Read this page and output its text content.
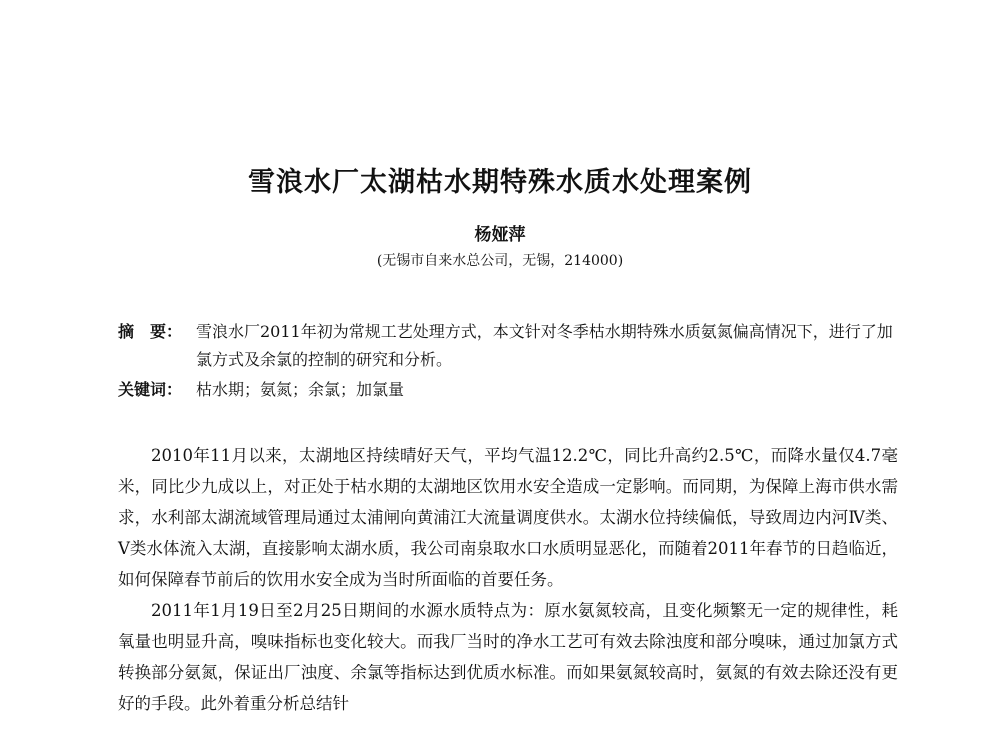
雪浪水厂太湖枯水期特殊水质水处理案例
杨娅萍
(无锡市自来水总公司，无锡，214000)
摘　要： 雪浪水厂2011年初为常规工艺处理方式，本文针对冬季枯水期特殊水质氨氮偏高情况下，进行了加氯方式及余氯的控制的研究和分析。
关键词： 枯水期；氨氮；余氯；加氯量

2010年11月以来，太湖地区持续晴好天气，平均气温12.2℃，同比升高约2.5℃，而降水量仅4.7毫米，同比少九成以上，对正处于枯水期的太湖地区饮用水安全造成一定影响。而同期，为保障上海市供水需求，水利部太湖流域管理局通过太浦闸向黄浦江大流量调度供水。太湖水位持续偏低，导致周边内河Ⅳ类、Ⅴ类水体流入太湖，直接影响太湖水质，我公司南泉取水口水质明显恶化，而随着2011年春节的日趋临近，如何保障春节前后的饮用水安全成为当时所面临的首要任务。

2011年1月19日至2月25日期间的水源水质特点为：原水氨氮较高，且变化频繁无一定的规律性，耗氧量也明显升高，嗅味指标也变化较大。而我厂当时的净水工艺可有效去除浊度和部分嗅味，通过加氯方式转换部分氨氮，保证出厂浊度、余氯等指标达到优质水标准。而如果氨氮较高时，氨氮的有效去除还没有更好的手段。此外着重分析总结针
